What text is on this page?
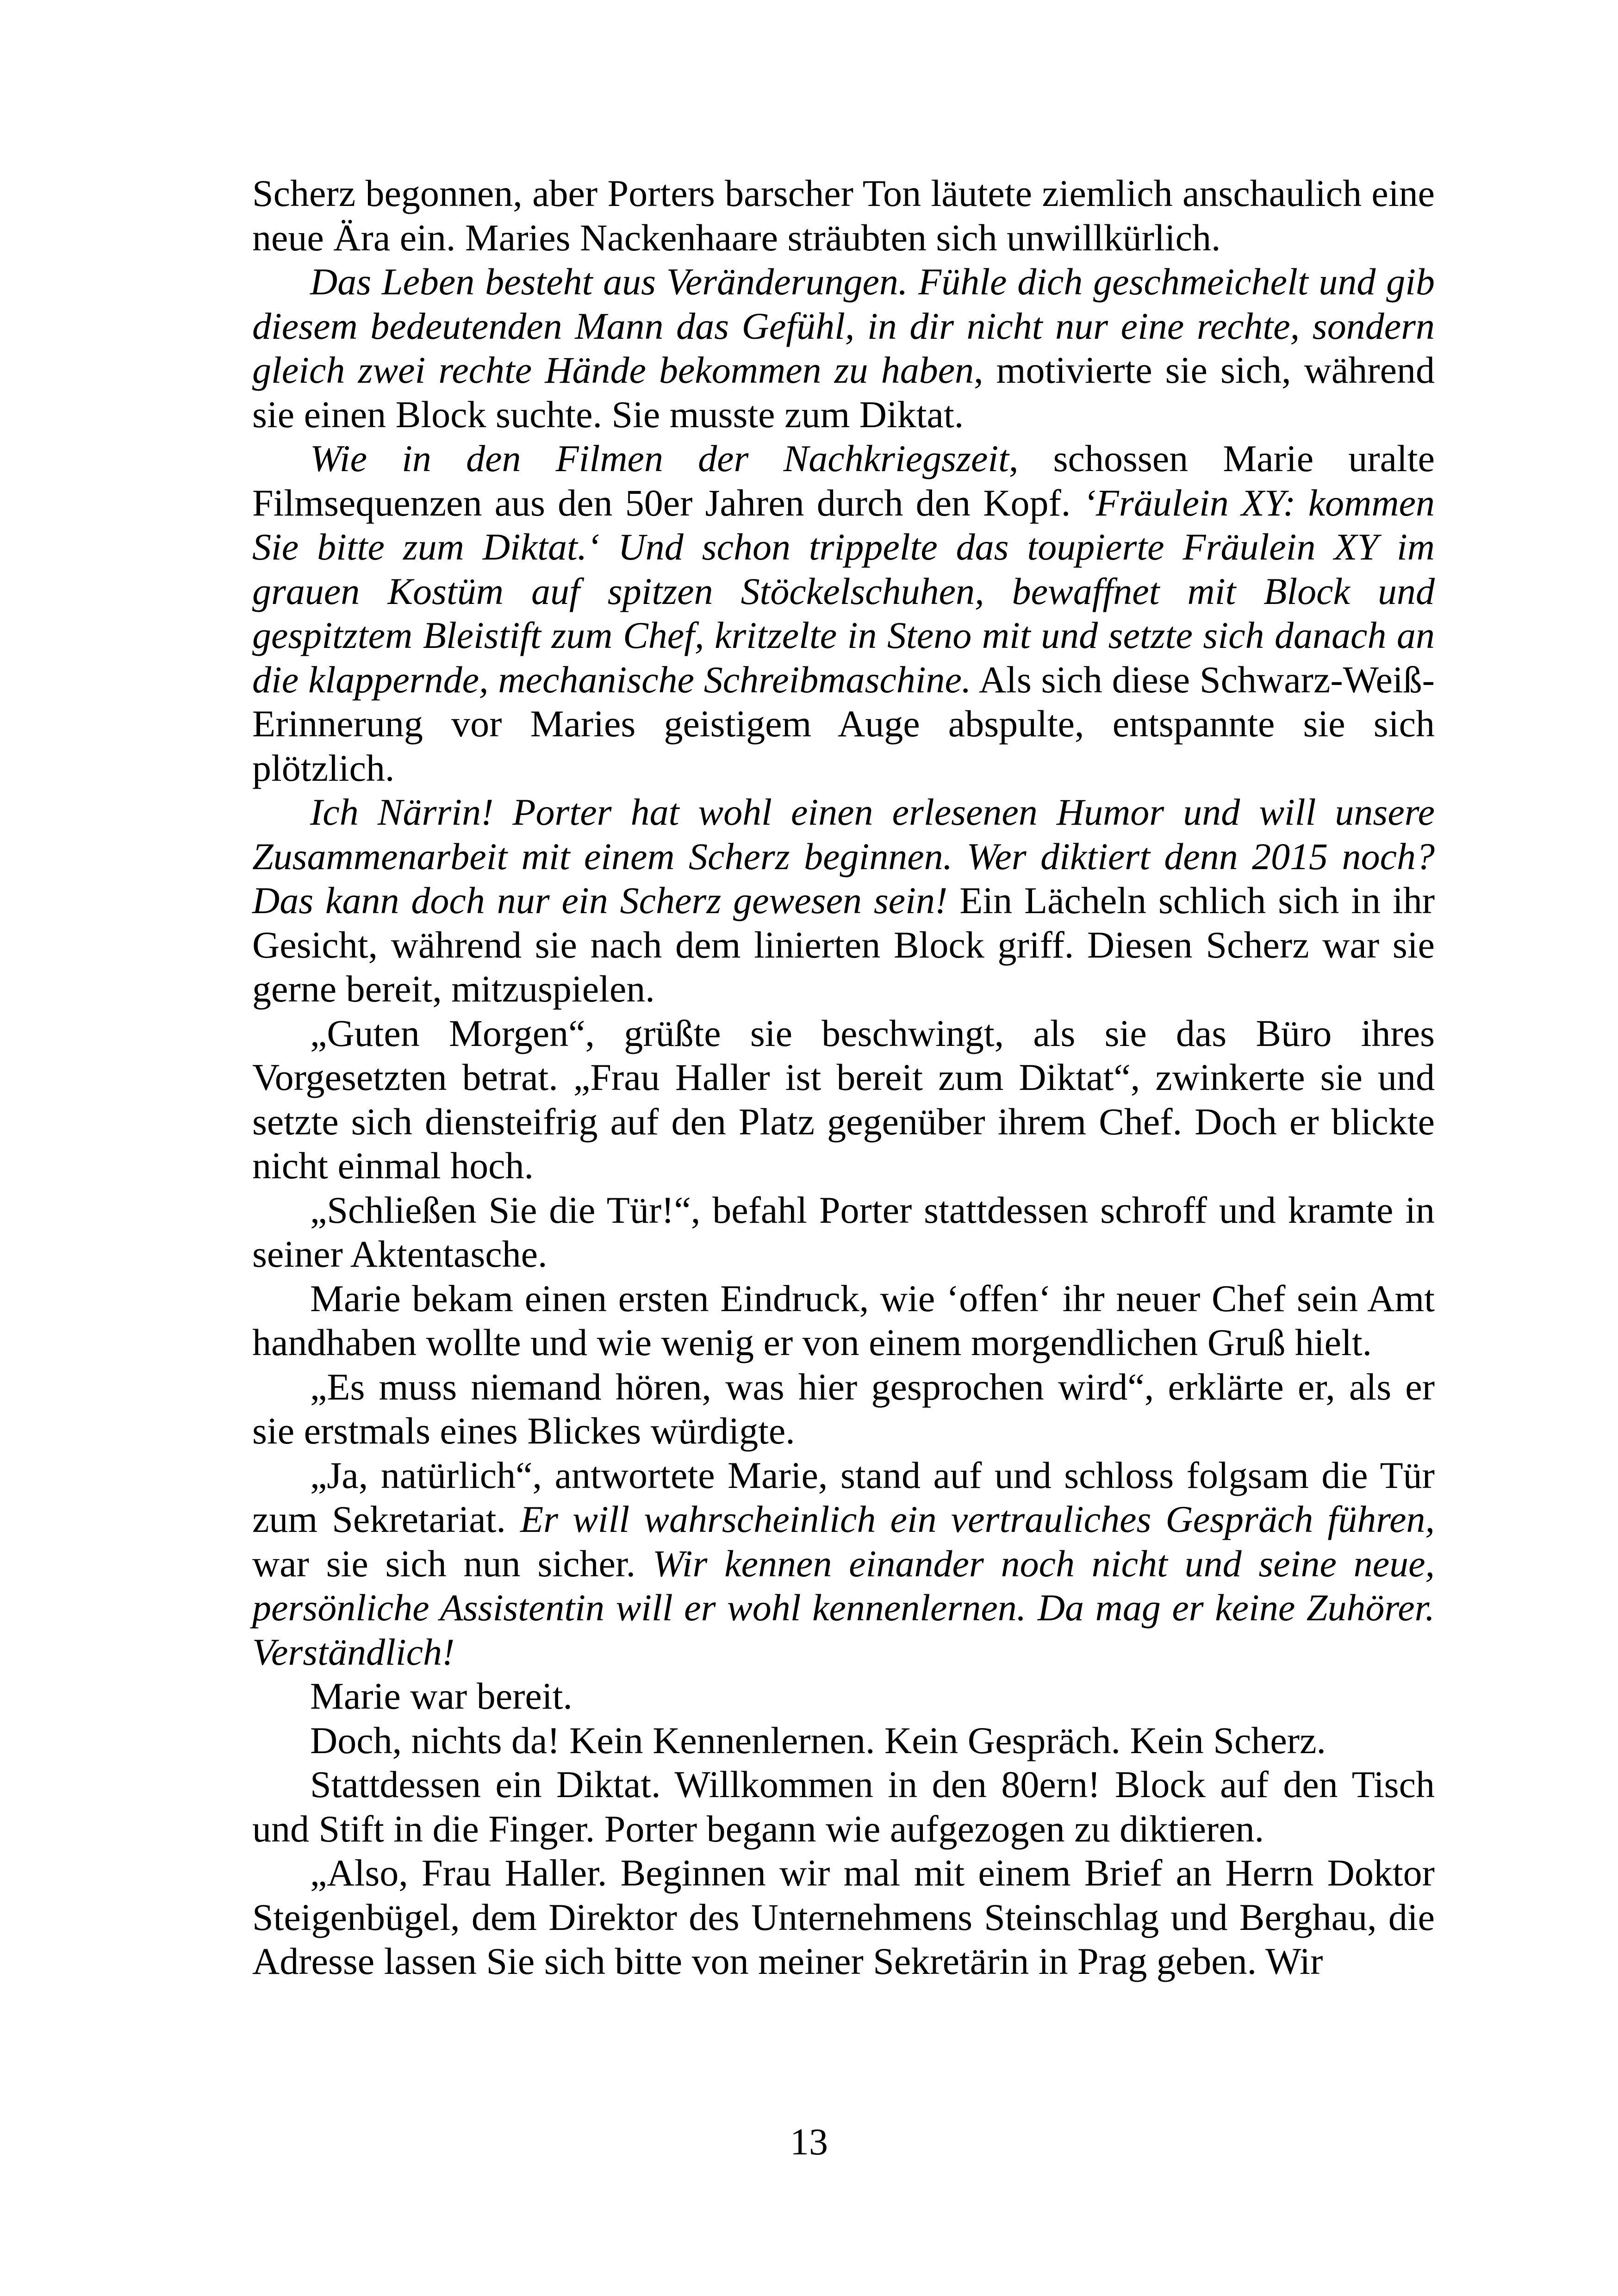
Scherz begonnen, aber Porters barscher Ton läutete ziemlich anschaulich eine neue Ära ein. Maries Nackenhaare sträubten sich unwillkürlich.

Das Leben besteht aus Veränderungen. Fühle dich geschmeichelt und gib diesem bedeutenden Mann das Gefühl, in dir nicht nur eine rechte, sondern gleich zwei rechte Hände bekommen zu haben, motivierte sie sich, während sie einen Block suchte. Sie musste zum Diktat.

Wie in den Filmen der Nachkriegszeit, schossen Marie uralte Filmsequenzen aus den 50er Jahren durch den Kopf. ‘Fräulein XY: kommen Sie bitte zum Diktat.‘ Und schon trippelte das toupierte Fräulein XY im grauen Kostüm auf spitzen Stöckelschuhen, bewaffnet mit Block und gespitztem Bleistift zum Chef, kritzelte in Steno mit und setzte sich danach an die klappernde, mechanische Schreibmaschine. Als sich diese Schwarz-Weiß-Erinnerung vor Maries geistigem Auge abspulte, entspannte sie sich plötzlich.

Ich Närrin! Porter hat wohl einen erlesenen Humor und will unsere Zusammenarbeit mit einem Scherz beginnen. Wer diktiert denn 2015 noch? Das kann doch nur ein Scherz gewesen sein! Ein Lächeln schlich sich in ihr Gesicht, während sie nach dem linierten Block griff. Diesen Scherz war sie gerne bereit, mitzuspielen.

„Guten Morgen“, grüßte sie beschwingt, als sie das Büro ihres Vorgesetzten betrat. „Frau Haller ist bereit zum Diktat“, zwinkerte sie und setzte sich diensteifrig auf den Platz gegenüber ihrem Chef. Doch er blickte nicht einmal hoch.

„Schließen Sie die Tür!“, befahl Porter stattdessen schroff und kramte in seiner Aktentasche.

Marie bekam einen ersten Eindruck, wie ‘offen‘ ihr neuer Chef sein Amt handhaben wollte und wie wenig er von einem morgendlichen Gruß hielt.

„Es muss niemand hören, was hier gesprochen wird“, erklärte er, als er sie erstmals eines Blickes würdigte.

„Ja, natürlich“, antwortete Marie, stand auf und schloss folgsam die Tür zum Sekretariat. Er will wahrscheinlich ein vertrauliches Gespräch führen, war sie sich nun sicher. Wir kennen einander noch nicht und seine neue, persönliche Assistentin will er wohl kennenlernen. Da mag er keine Zuhörer. Verständlich!

Marie war bereit.

Doch, nichts da! Kein Kennenlernen. Kein Gespräch. Kein Scherz.

Stattdessen ein Diktat. Willkommen in den 80ern! Block auf den Tisch und Stift in die Finger. Porter begann wie aufgezogen zu diktieren.

„Also, Frau Haller. Beginnen wir mal mit einem Brief an Herrn Doktor Steigenbügel, dem Direktor des Unternehmens Steinschlag und Berghau, die Adresse lassen Sie sich bitte von meiner Sekretärin in Prag geben. Wir

13
